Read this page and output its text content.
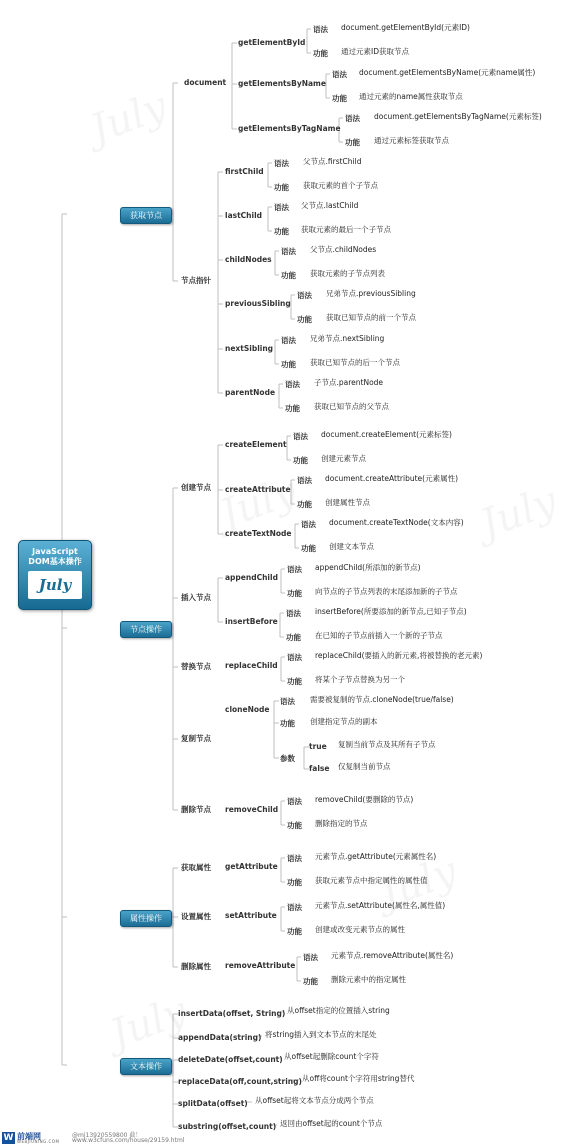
JavaScript
DOM基本操作
July
获取节点
节点操作
属性操作
文本操作
document
节点指针
创建节点
插入节点
替换节点
复制节点
删除节点
获取属性
设置属性
删除属性
getElementById
语法 document.getElementById(元素ID)
功能 通过元素ID获取节点
getElementsByName
语法 document.getElementsByName(元素name属性)
功能 通过元素的name属性获取节点
getElementsByTagName
语法 document.getElementsByTagName(元素标签)
功能 通过元素标签获取节点
firstChild
语法 父节点.firstChild
功能 获取元素的首个子节点
lastChild
语法 父节点.lastChild
功能 获取元素的最后一个子节点
childNodes
语法 父节点.childNodes
功能 获取元素的子节点列表
previousSibling
语法 兄弟节点.previousSibling
功能 获取已知节点的前一个节点
nextSibling
语法 兄弟节点.nextSibling
功能 获取已知节点的后一个节点
parentNode
语法 子节点.parentNode
功能 获取已知节点的父节点
createElement
语法 document.createElement(元素标签)
功能 创建元素节点
createAttribute
语法 document.createAttribute(元素属性)
功能 创建属性节点
createTextNode
语法 document.createTextNode(文本内容)
功能 创建文本节点
appendChild
语法 appendChild(所添加的新节点)
功能 向节点的子节点列表的末尾添加新的子节点
insertBefore
语法 insertBefore(所要添加的新节点,已知子节点)
功能 在已知的子节点前插入一个新的子节点
replaceChild
语法 replaceChild(要插入的新元素,将被替换的老元素)
功能 将某个子节点替换为另一个
removeChild
语法 removeChild(要删除的节点)
功能 删除指定的节点
getAttribute
语法 元素节点.getAttribute(元素属性名)
功能 获取元素节点中指定属性的属性值
setAttribute
语法 元素节点.setAttribute(属性名,属性值)
功能 创建或改变元素节点的属性
removeAttribute
语法 元素节点.removeAttribute(属性名)
功能 删除元素中的指定属性
cloneNode
语法 需要被复制的节点.cloneNode(true/false)
功能 创建指定节点的副本
参数
true 复制当前节点及其所有子节点
false 仅复制当前节点
insertData(offset, String) 从offset指定的位置插入string
appendData(string) 将string插入到文本节点的末尾处
deleteDate(offset,count) 从offset起删除count个字符
replaceData(off,count,string) 从off将count个字符用string替代
splitData(offset) 从offset起将文本节点分成两个节点
substring(offset,count) 返回由offset起的count个节点
W 前端网
WEBJIUNING.COM
@mj13920559800 截！
www.w3cfuns.com/house/29159.html
